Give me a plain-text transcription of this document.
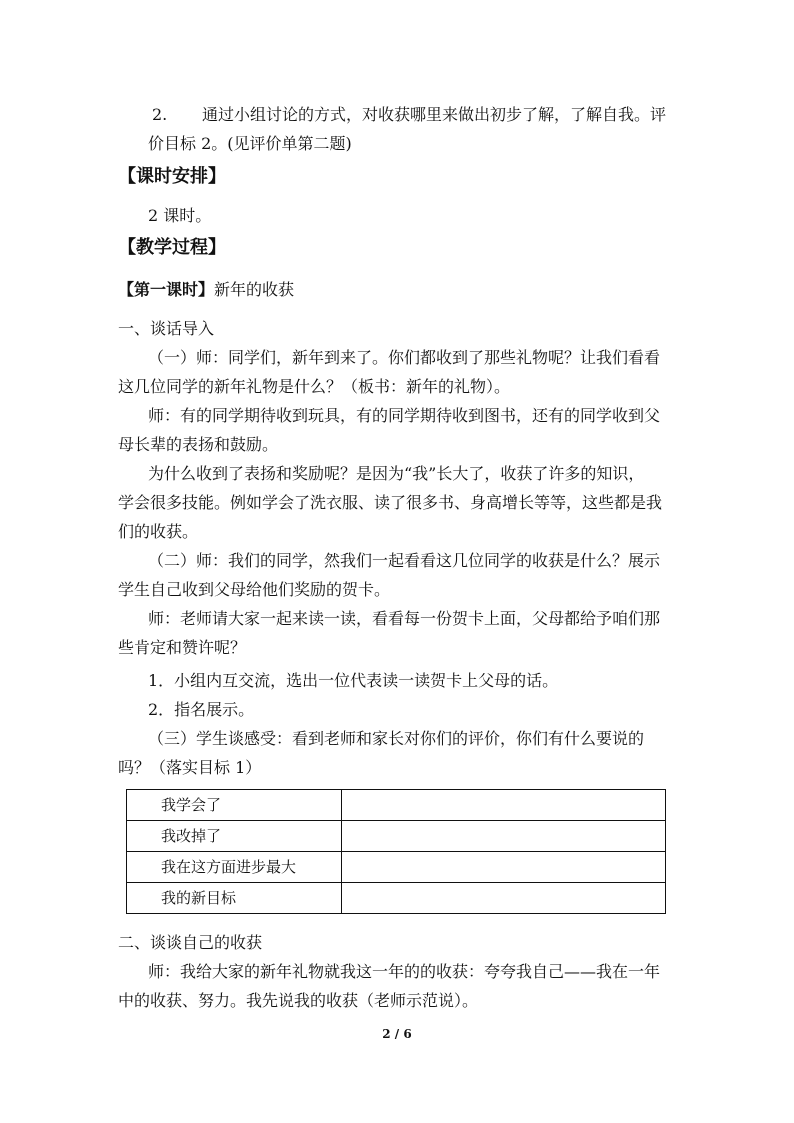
2. 通过小组讨论的方式，对收获哪里来做出初步了解，了解自我。评
价目标 2。(见评价单第二题)
【课时安排】
2 课时。
【教学过程】
【第一课时】新年的收获
一、谈话导入
（一）师：同学们，新年到来了。你们都收到了那些礼物呢？让我们看看
这几位同学的新年礼物是什么？（板书：新年的礼物）。
师：有的同学期待收到玩具，有的同学期待收到图书，还有的同学收到父
母长辈的表扬和鼓励。
为什么收到了表扬和奖励呢？是因为“我”长大了，收获了许多的知识，
学会很多技能。例如学会了洗衣服、读了很多书、身高增长等等，这些都是我
们的收获。
（二）师：我们的同学，然我们一起看看这几位同学的收获是什么？展示
学生自己收到父母给他们奖励的贺卡。
师：老师请大家一起来读一读，看看每一份贺卡上面，父母都给予咱们那
些肯定和赞许呢？
1．小组内互交流，选出一位代表读一读贺卡上父母的话。
2．指名展示。
（三）学生谈感受：看到老师和家长对你们的评价，你们有什么要说的
吗？（落实目标 1）
我学会了	
我改掉了	
我在这方面进步最大	
我的新目标	
二、谈谈自己的收获
师：我给大家的新年礼物就我这一年的的收获：夸夸我自己——我在一年
中的收获、努力。我先说我的收获（老师示范说）。
2 / 6
